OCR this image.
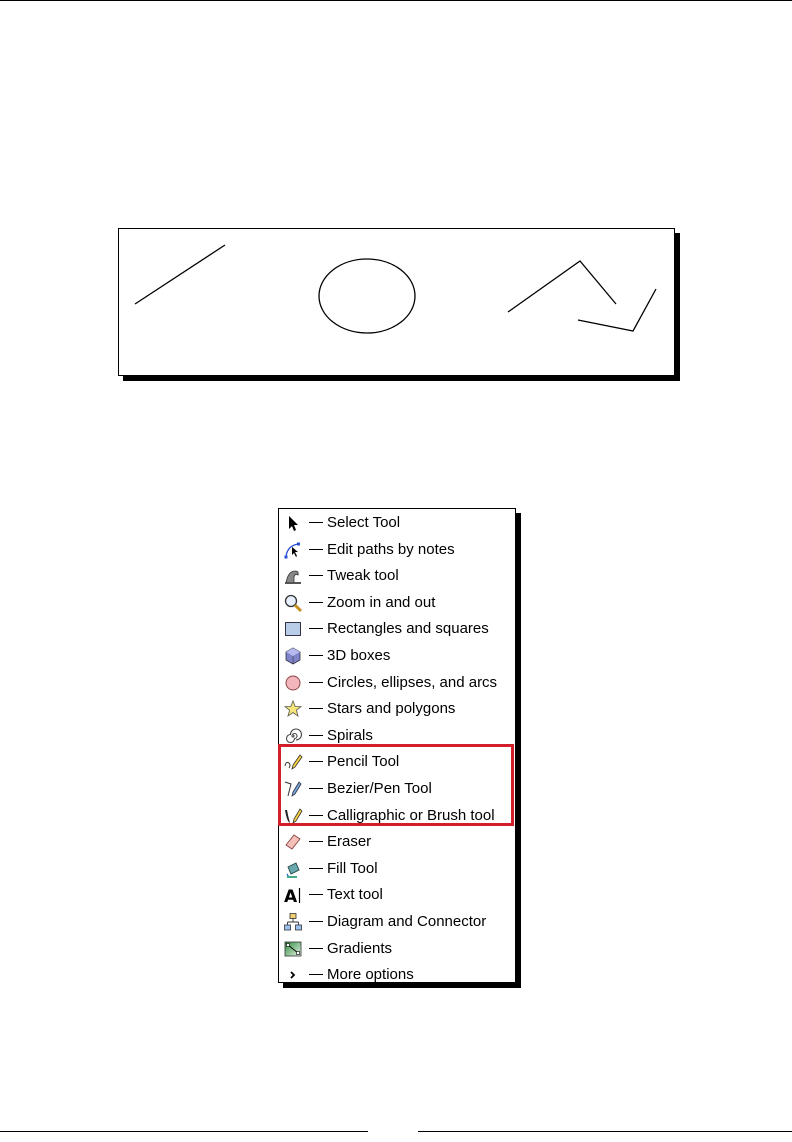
Select Tool
Edit paths by notes
Tweak tool
Zoom in and out
Rectangles and squares
3D boxes
Circles, ellipses, and arcs
Stars and polygons
Spirals
Pencil Tool
Bezier/Pen Tool
Calligraphic or Brush tool
Eraser
Fill Tool
A Text tool
Diagram and Connector
Gradients
More options
